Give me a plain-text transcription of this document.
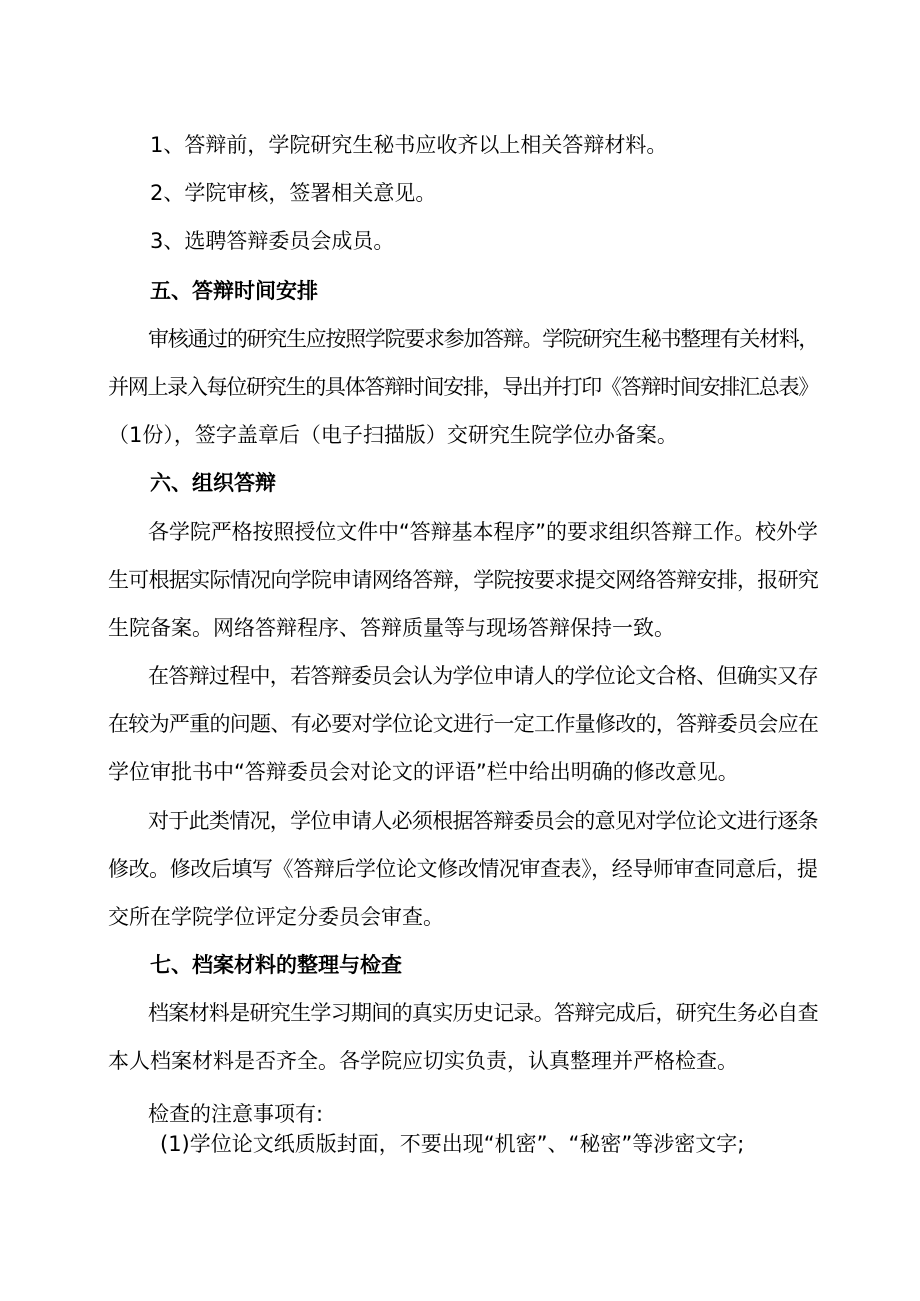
1、答辩前，学院研究生秘书应收齐以上相关答辩材料。
2、学院审核，签署相关意见。
3、选聘答辩委员会成员。
五、答辩时间安排
审核通过的研究生应按照学院要求参加答辩。学院研究生秘书整理有关材料，
并网上录入每位研究生的具体答辩时间安排，导出并打印《答辩时间安排汇总表》
（1份），签字盖章后（电子扫描版）交研究生院学位办备案。
六、组织答辩
各学院严格按照授位文件中“答辩基本程序”的要求组织答辩工作。校外学
生可根据实际情况向学院申请网络答辩，学院按要求提交网络答辩安排，报研究
生院备案。网络答辩程序、答辩质量等与现场答辩保持一致。
在答辩过程中，若答辩委员会认为学位申请人的学位论文合格、但确实又存
在较为严重的问题、有必要对学位论文进行一定工作量修改的，答辩委员会应在
学位审批书中“答辩委员会对论文的评语”栏中给出明确的修改意见。
对于此类情况，学位申请人必须根据答辩委员会的意见对学位论文进行逐条
修改。修改后填写《答辩后学位论文修改情况审查表》，经导师审查同意后，提
交所在学院学位评定分委员会审查。
七、档案材料的整理与检查
档案材料是研究生学习期间的真实历史记录。答辩完成后，研究生务必自查
本人档案材料是否齐全。各学院应切实负责，认真整理并严格检查。
检查的注意事项有:
(1)学位论文纸质版封面，不要出现“机密”、“秘密”等涉密文字;
